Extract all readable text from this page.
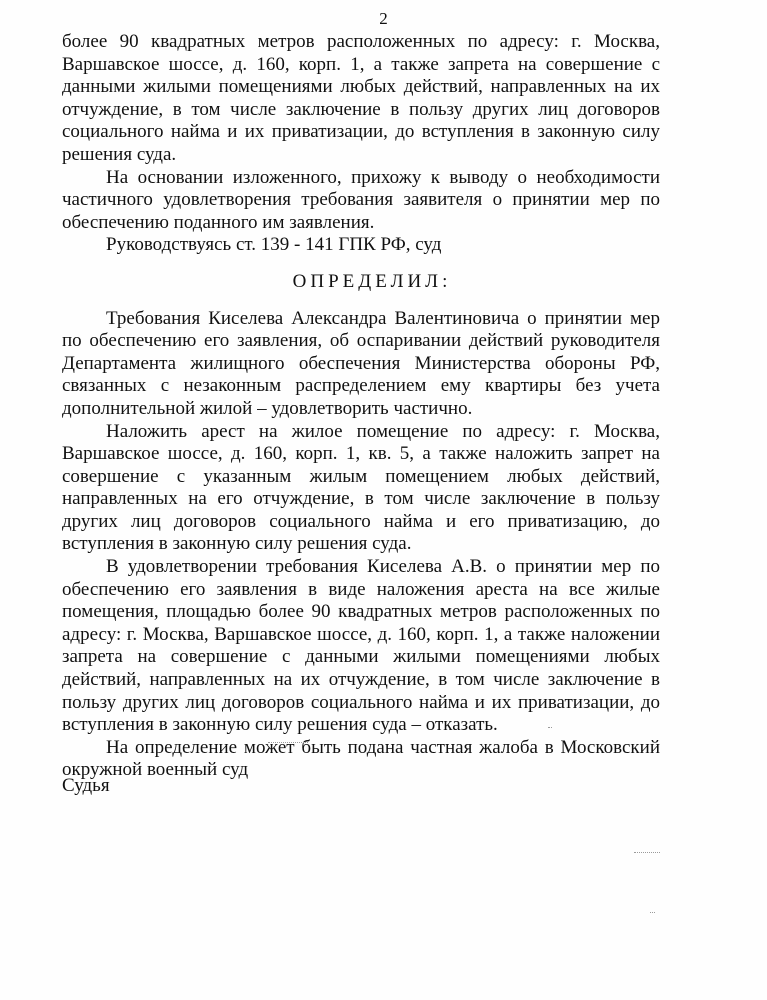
2

более 90 квадратных метров расположенных по адресу: г. Москва, Варшавское шоссе, д. 160, корп. 1, а также запрета на совершение с данными жилыми помещениями любых действий, направленных на их отчуждение, в том числе заключение в пользу других лиц договоров социального найма и их приватизации, до вступления в законную силу решения суда.

На основании изложенного, прихожу к выводу о необходимости частичного удовлетворения требования заявителя о принятии мер по обеспечению поданного им заявления.

Руководствуясь ст. 139 - 141 ГПК РФ, суд

ОПРЕДЕЛИЛ:

Требования Киселева Александра Валентиновича о принятии мер по обеспечению его заявления, об оспаривании действий руководителя Департамента жилищного обеспечения Министерства обороны РФ, связанных с незаконным распределением ему квартиры без учета дополнительной жилой – удовлетворить частично.

Наложить арест на жилое помещение по адресу: г. Москва, Варшавское шоссе, д. 160, корп. 1, кв. 5, а также наложить запрет на совершение с указанным жилым помещением любых действий, направленных на его отчуждение, в том числе заключение в пользу других лиц договоров социального найма и его приватизацию, до вступления в законную силу решения суда.

В удовлетворении требования Киселева А.В. о принятии мер по обеспечению его заявления в виде наложения ареста на все жилые помещения, площадью более 90 квадратных метров расположенных по адресу: г. Москва, Варшавское шоссе, д. 160, корп. 1, а также наложении запрета на совершение с данными жилыми помещениями любых действий, направленных на их отчуждение, в том числе заключение в пользу других лиц договоров социального найма и их приватизации, до вступления в законную силу решения суда – отказать.

На определение может быть подана частная жалоба в Московский окружной военный суд

Судья
